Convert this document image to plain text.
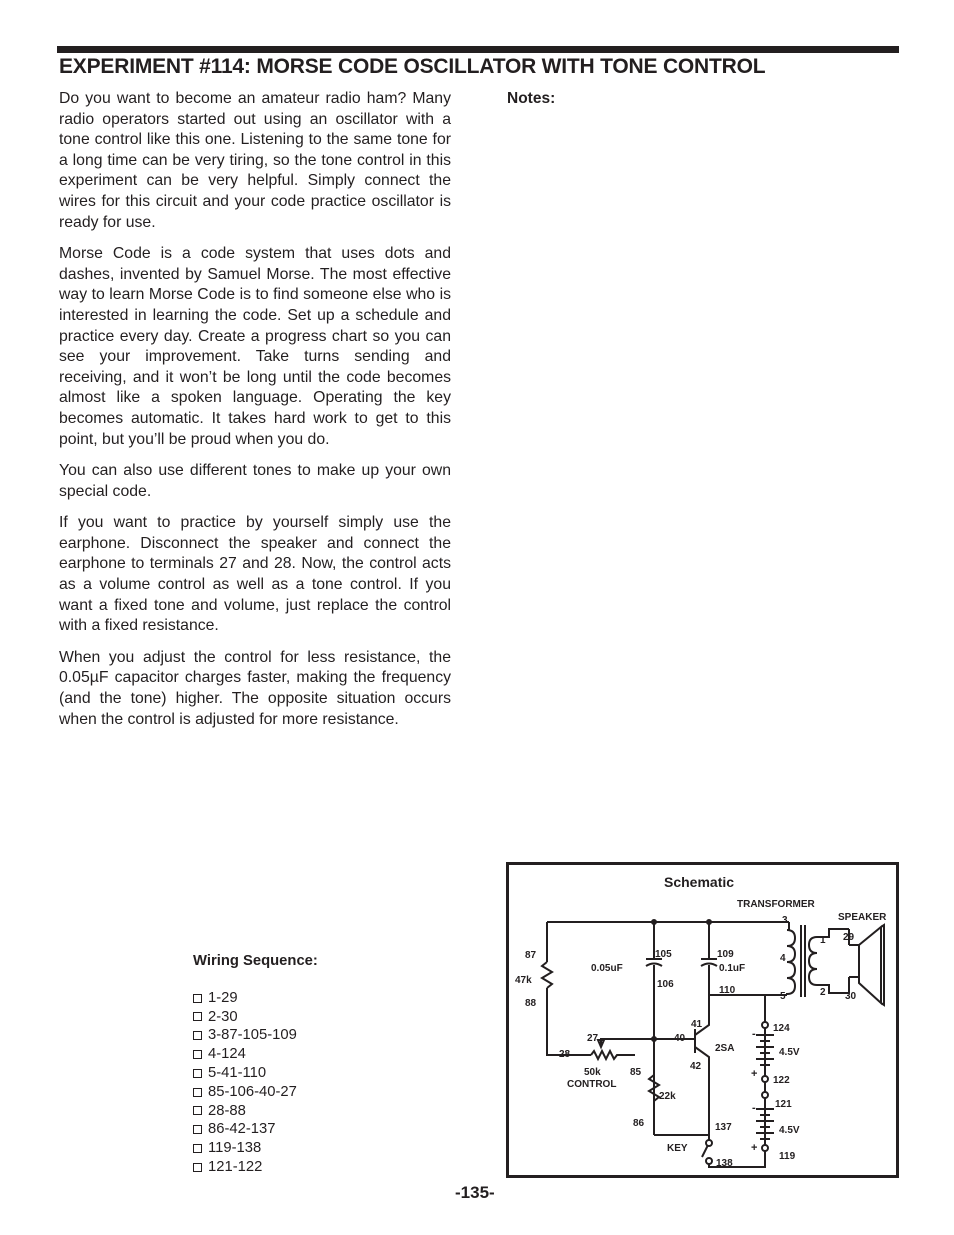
EXPERIMENT #114: MORSE CODE OSCILLATOR WITH TONE CONTROL

Do you want to become an amateur radio ham? Many radio operators started out using an oscillator with a tone control like this one. Listening to the same tone for a long time can be very tiring, so the tone control in this experiment can be very helpful. Simply connect the wires for this circuit and your code practice oscillator is ready for use.

Morse Code is a code system that uses dots and dashes, invented by Samuel Morse. The most effective way to learn Morse Code is to find someone else who is interested in learning the code. Set up a schedule and practice every day. Create a progress chart so you can see your improvement. Take turns sending and receiving, and it won’t be long until the code becomes almost like a spoken language. Operating the key becomes automatic. It takes hard work to get to this point, but you’ll be proud when you do.

You can also use different tones to make up your own special code.

If you want to practice by yourself simply use the earphone. Disconnect the speaker and connect the earphone to terminals 27 and 28. Now, the control acts as a volume control as well as a tone control. If you want a fixed tone and volume, just replace the control with a fixed resistance.

When you adjust the control for less resistance, the 0.05µF capacitor charges faster, making the frequency (and the tone) higher. The opposite situation occurs when the control is adjusted for more resistance.

Notes:
Wiring Sequence:
1-29
2-30
3-87-105-109
4-124
5-41-110
85-106-40-27
28-88
86-42-137
119-138
121-122
Schematic
TRANSFORMER
SPEAKER
3
4
5
1
2
29
30
87
47k
88
105
0.05uF
106
109
0.1uF
110
41
40
42
2SA
27
28
50k
CONTROL
85
22k
86	137
KEY
138
124
4.5V
122
121
4.5V
119
-
+
-
+
-135-
